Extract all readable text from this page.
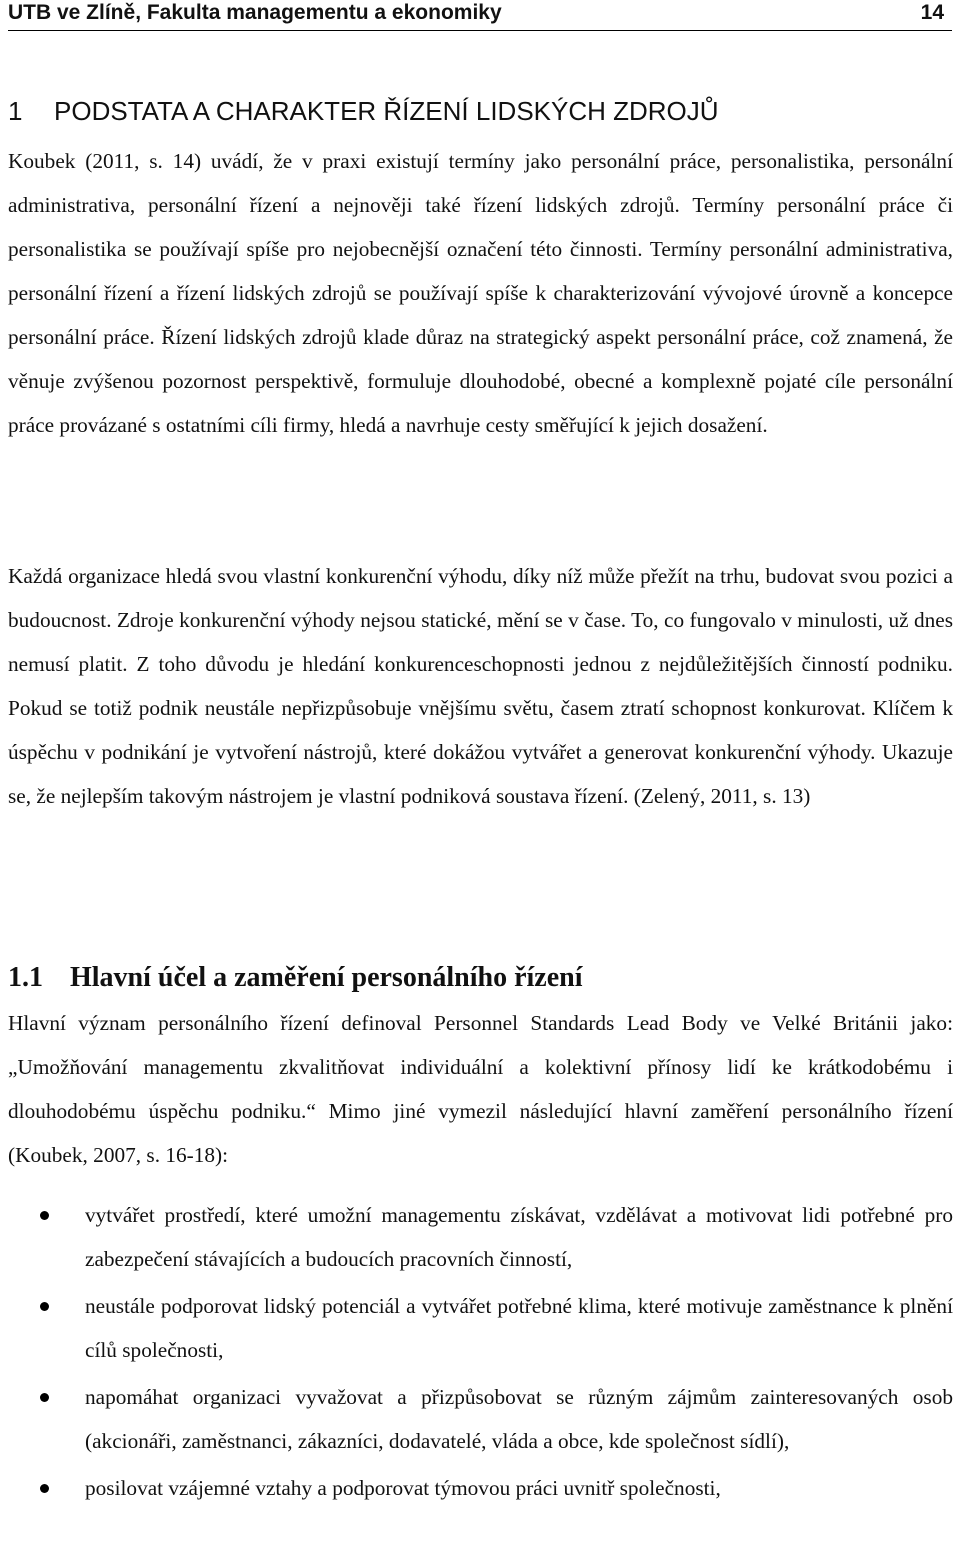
UTB ve Zlíně, Fakulta managementu a ekonomiky	14
1 PODSTATA A CHARAKTER ŘÍZENÍ LIDSKÝCH ZDROJŮ

Koubek (2011, s. 14) uvádí, že v praxi existují termíny jako personální práce, personalistika, personální administrativa, personální řízení a nejnověji také řízení lidských zdrojů. Termíny personální práce či personalistika se používají spíše pro nejobecnější označení této činnosti. Termíny personální administrativa, personální řízení a řízení lidských zdrojů se používají spíše k charakterizování vývojové úrovně a koncepce personální práce. Řízení lidských zdrojů klade důraz na strategický aspekt personální práce, což znamená, že věnuje zvýšenou pozornost perspektivě, formuluje dlouhodobé, obecné a komplexně pojaté cíle personální práce provázané s ostatními cíli firmy, hledá a navrhuje cesty směřující k jejich dosažení.

Každá organizace hledá svou vlastní konkurenční výhodu, díky níž může přežít na trhu, budovat svou pozici a budoucnost. Zdroje konkurenční výhody nejsou statické, mění se v čase. To, co fungovalo v minulosti, už dnes nemusí platit. Z toho důvodu je hledání konkurenceschopnosti jednou z nejdůležitějších činností podniku. Pokud se totiž podnik neustále nepřizpůsobuje vnějšímu světu, časem ztratí schopnost konkurovat. Klíčem k úspěchu v podnikání je vytvoření nástrojů, které dokážou vytvářet a generovat konkurenční výhody. Ukazuje se, že nejlepším takovým nástrojem je vlastní podniková soustava řízení. (Zelený, 2011, s. 13)

1.1 Hlavní účel a zaměření personálního řízení

Hlavní význam personálního řízení definoval Personnel Standards Lead Body ve Velké Británii jako: „Umožňování managementu zkvalitňovat individuální a kolektivní přínosy lidí ke krátkodobému i dlouhodobému úspěchu podniku.“ Mimo jiné vymezil následující hlavní zaměření personálního řízení (Koubek, 2007, s. 16-18):

vytvářet prostředí, které umožní managementu získávat, vzdělávat a motivovat lidi potřebné pro zabezpečení stávajících a budoucích pracovních činností,
neustále podporovat lidský potenciál a vytvářet potřebné klima, které motivuje zaměstnance k plnění cílů společnosti,
napomáhat organizaci vyvažovat a přizpůsobovat se různým zájmům zainteresovaných osob (akcionáři, zaměstnanci, zákazníci, dodavatelé, vláda a obce, kde společnost sídlí),
posilovat vzájemné vztahy a podporovat týmovou práci uvnitř společnosti,
